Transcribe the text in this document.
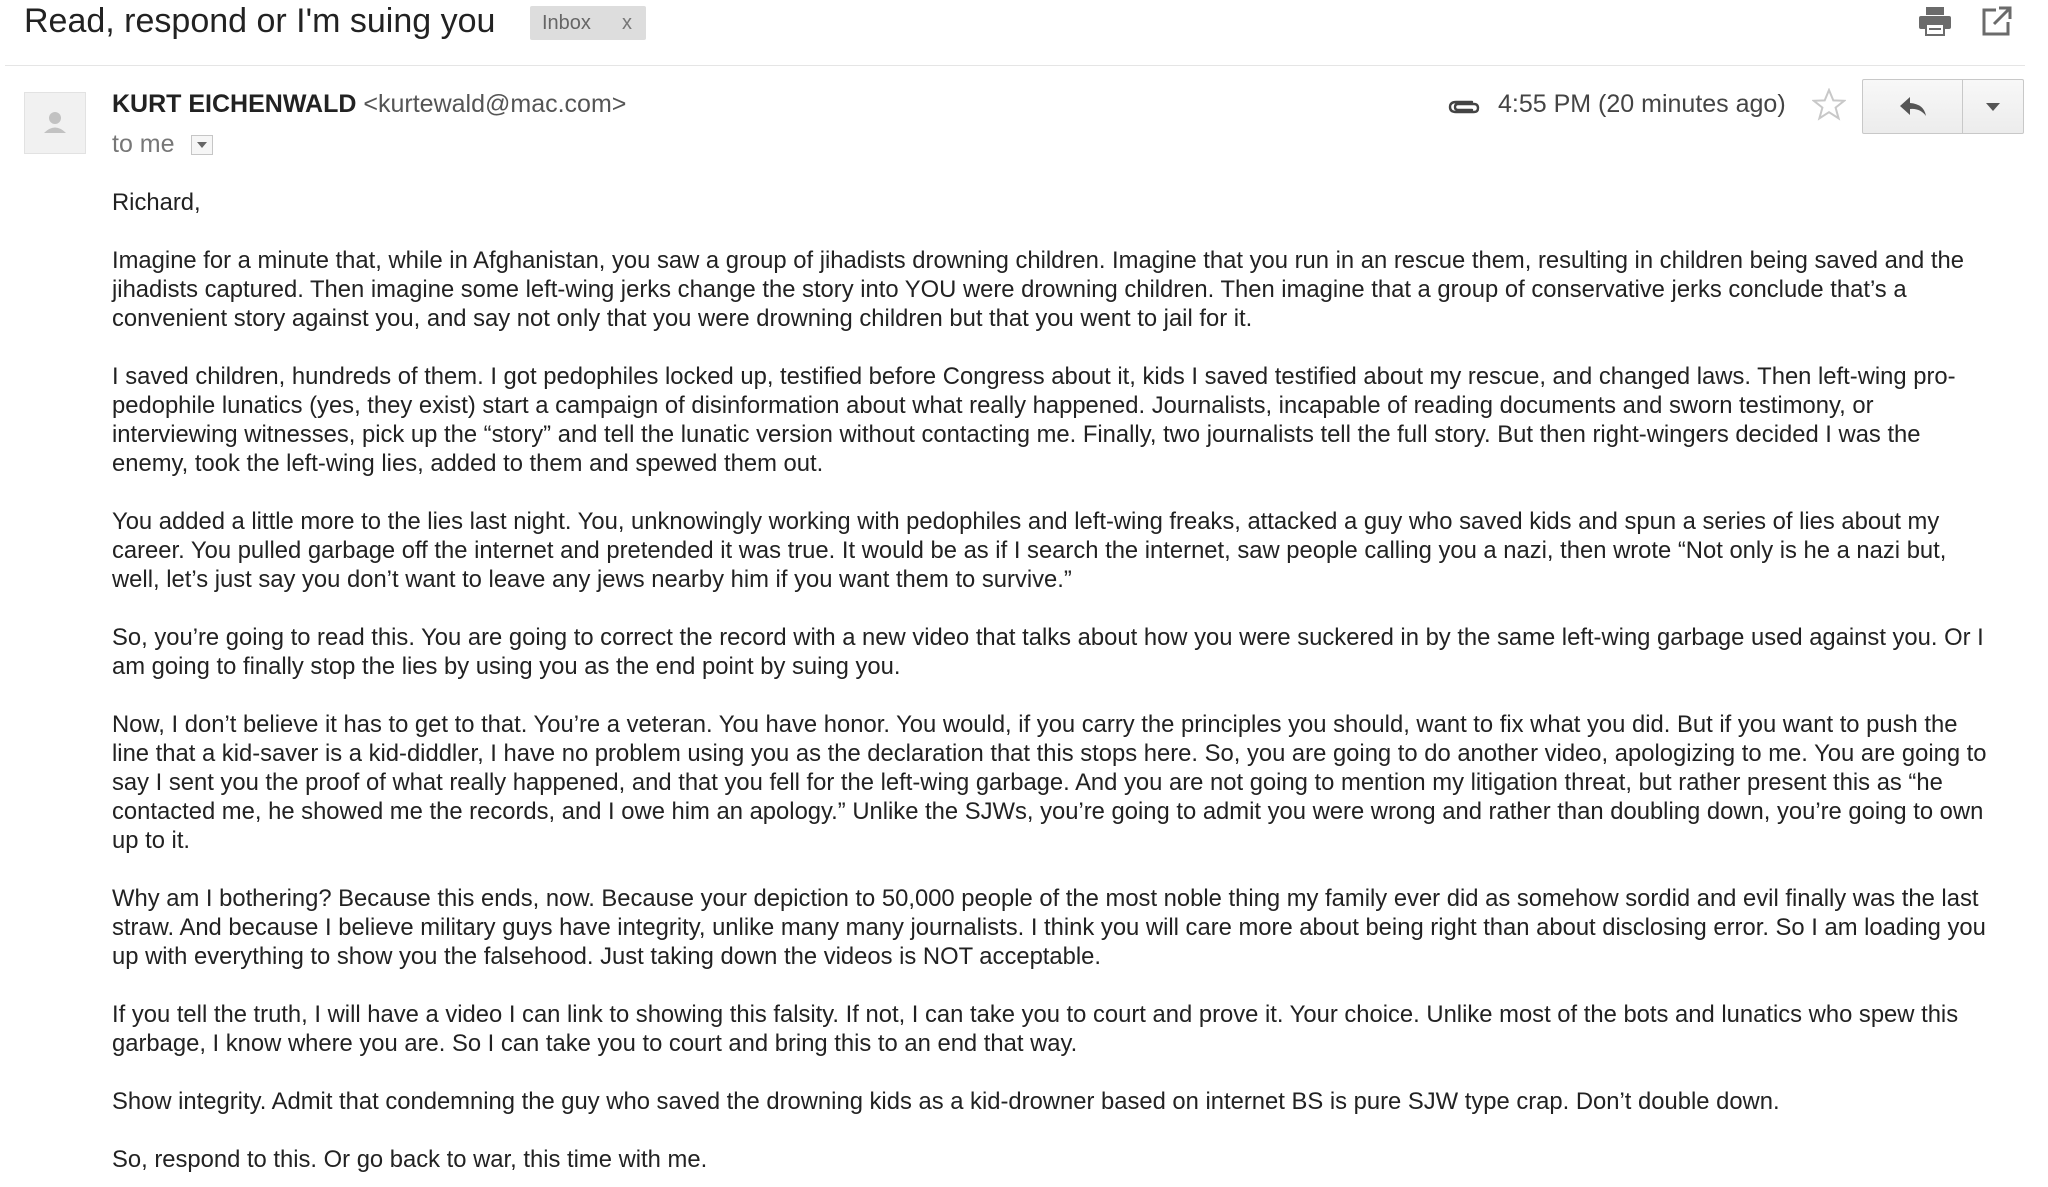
Read, respond or I'm suing you Inbox x
KURT EICHENWALD <kurtewald@mac.com>
to me
4:55 PM (20 minutes ago)

Richard,

Imagine for a minute that, while in Afghanistan, you saw a group of jihadists drowning children. Imagine that you run in an rescue them, resulting in children being saved and the jihadists captured. Then imagine some left-wing jerks change the story into YOU were drowning children. Then imagine that a group of conservative jerks conclude that’s a convenient story against you, and say not only that you were drowning children but that you went to jail for it.

I saved children, hundreds of them. I got pedophiles locked up, testified before Congress about it, kids I saved testified about my rescue, and changed laws. Then left-wing pro-pedophile lunatics (yes, they exist) start a campaign of disinformation about what really happened. Journalists, incapable of reading documents and sworn testimony, or interviewing witnesses, pick up the “story” and tell the lunatic version without contacting me. Finally, two journalists tell the full story. But then right-wingers decided I was the enemy, took the left-wing lies, added to them and spewed them out.

You added a little more to the lies last night. You, unknowingly working with pedophiles and left-wing freaks, attacked a guy who saved kids and spun a series of lies about my career. You pulled garbage off the internet and pretended it was true. It would be as if I search the internet, saw people calling you a nazi, then wrote “Not only is he a nazi but, well, let’s just say you don’t want to leave any jews nearby him if you want them to survive.”

So, you’re going to read this. You are going to correct the record with a new video that talks about how you were suckered in by the same left-wing garbage used against you. Or I am going to finally stop the lies by using you as the end point by suing you.

Now, I don’t believe it has to get to that. You’re a veteran. You have honor. You would, if you carry the principles you should, want to fix what you did. But if you want to push the line that a kid-saver is a kid-diddler, I have no problem using you as the declaration that this stops here. So, you are going to do another video, apologizing to me. You are going to say I sent you the proof of what really happened, and that you fell for the left-wing garbage. And you are not going to mention my litigation threat, but rather present this as “he contacted me, he showed me the records, and I owe him an apology.” Unlike the SJWs, you’re going to admit you were wrong and rather than doubling down, you’re going to own up to it.

Why am I bothering? Because this ends, now. Because your depiction to 50,000 people of the most noble thing my family ever did as somehow sordid and evil finally was the last straw. And because I believe military guys have integrity, unlike many many journalists. I think you will care more about being right than about disclosing error. So I am loading you up with everything to show you the falsehood. Just taking down the videos is NOT acceptable.

If you tell the truth, I will have a video I can link to showing this falsity. If not, I can take you to court and prove it. Your choice. Unlike most of the bots and lunatics who spew this garbage, I know where you are. So I can take you to court and bring this to an end that way.

Show integrity. Admit that condemning the guy who saved the drowning kids as a kid-drowner based on internet BS is pure SJW type crap. Don’t double down.

So, respond to this. Or go back to war, this time with me.
